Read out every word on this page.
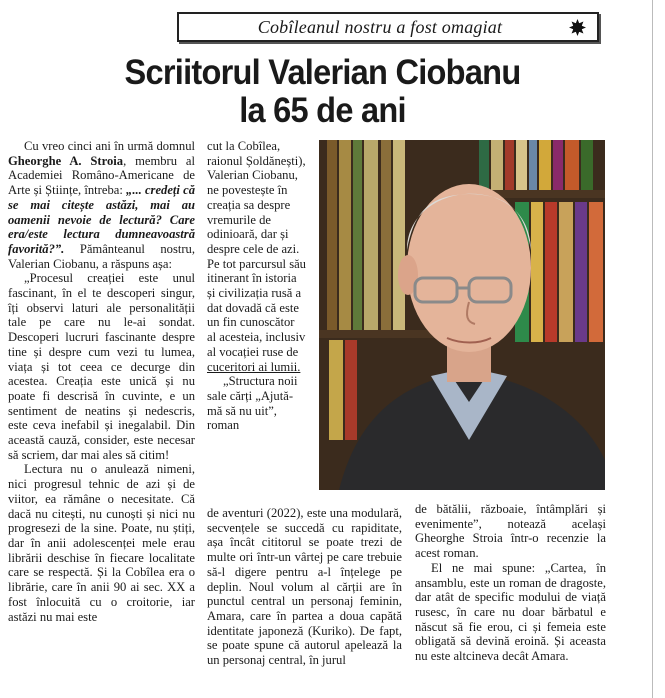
Cobîleanul nostru a fost omagiat
Scriitorul Valerian Ciobanu
la 65 de ani

Cu vreo cinci ani în urmă domnul Gheorghe A. Stroia, membru al Academiei Româno-Americane de Arte și Științe, întreba: „... credeți că se mai citește astăzi, mai au oamenii nevoie de lectură? Care era/este lectura dumneavoastră favorită?”. Pământeanul nostru, Valerian Ciobanu, a răspuns așa:

„Procesul creației este unul fascinant, în el te descoperi singur, îți observi laturi ale personalității tale pe care nu le-ai sondat. Descoperi lucruri fascinante despre tine și despre cum vezi tu lumea, viața și tot ceea ce decurge din acestea. Creația este unică și nu poate fi descrisă în cuvinte, e un sentiment de neatins și nedescris, este ceva inefabil și inegalabil. Din această cauză, consider, este necesar să scriem, dar mai ales să citim!

Lectura nu o anulează nimeni, nici progresul tehnic de azi și de viitor, ea rămâne o necesitate. Că dacă nu citești, nu cunoști și nici nu progresezi de la sine. Poate, nu știți, dar în anii adolescenței mele erau librării deschise în fiecare localitate care se respectă. Și la Cobîlea era o librărie, care în anii 90 ai sec. XX a fost înlocuită cu o croitorie, iar astăzi nu mai este

cut la Cobîlea, raionul Șoldănești), Valerian Ciobanu, ne povestește în creația sa despre vremurile de odinioară, dar și despre cele de azi. Pe tot parcursul său itinerant în istoria și civilizația rusă a dat dovadă că este un fin cunoscător al acesteia, inclusiv al vocației ruse de cuceritori ai lumii.

„Structura noii sale cărți „Ajută-mă să nu uit”, roman

de aventuri (2022), este una modulară, secvențele se succedă cu rapiditate, așa încât cititorul se poate trezi de multe ori într-un vârtej pe care trebuie să-l digere pentru a-l înțelege pe deplin. Noul volum al cărții are în punctul central un personaj feminin, Amara, care în partea a doua capătă identitate japoneză (Kuriko). De fapt, se poate spune că autorul apelează la un personaj central, în jurul

de bătălii, războaie, întâmplări și evenimente”, notează același Gheorghe Stroia într-o recenzie la acest roman.

El ne mai spune: „Cartea, în ansamblu, este un roman de dragoste, dar atât de specific modului de viață rusesc, în care nu doar bărbatul e născut să fie erou, ci și femeia este obligată să devină eroină. Și aceasta nu este altcineva decât Amara.
